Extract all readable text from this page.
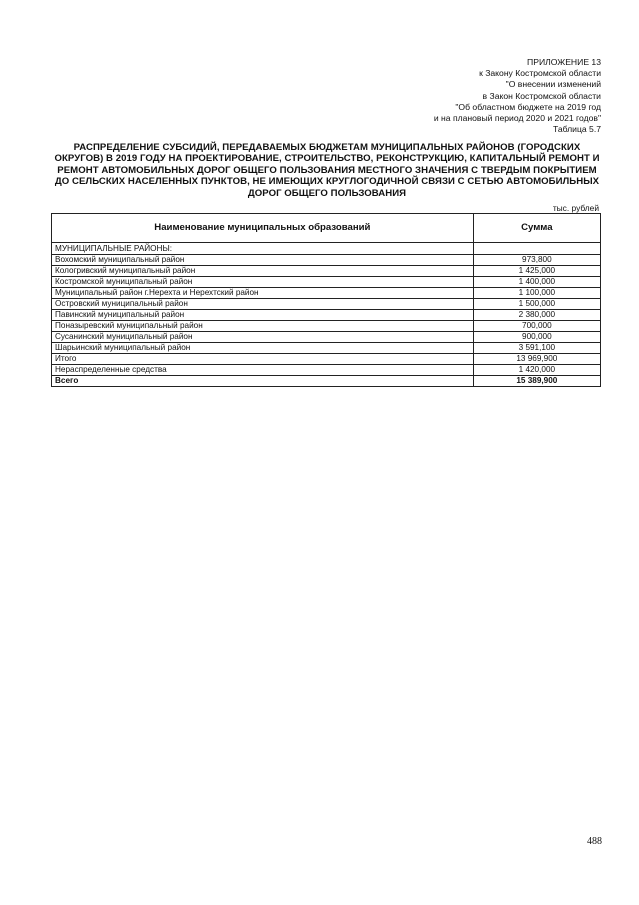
ПРИЛОЖЕНИЕ 13
к Закону Костромской области
"О внесении изменений
в Закон Костромской области
"Об областном бюджете на 2019 год
и на плановый период 2020 и 2021 годов"
Таблица 5.7
РАСПРЕДЕЛЕНИЕ СУБСИДИЙ, ПЕРЕДАВАЕМЫХ БЮДЖЕТАМ МУНИЦИПАЛЬНЫХ РАЙОНОВ (ГОРОДСКИХ
ОКРУГОВ) В 2019 ГОДУ НА ПРОЕКТИРОВАНИЕ, СТРОИТЕЛЬСТВО, РЕКОНСТРУКЦИЮ, КАПИТАЛЬНЫЙ РЕМОНТ И
РЕМОНТ АВТОМОБИЛЬНЫХ ДОРОГ ОБЩЕГО ПОЛЬЗОВАНИЯ МЕСТНОГО ЗНАЧЕНИЯ С ТВЕРДЫМ ПОКРЫТИЕМ
ДО СЕЛЬСКИХ НАСЕЛЕННЫХ ПУНКТОВ, НЕ ИМЕЮЩИХ КРУГЛОГОДИЧНОЙ СВЯЗИ С СЕТЬЮ АВТОМОБИЛЬНЫХ
ДОРОГ ОБЩЕГО ПОЛЬЗОВАНИЯ
тыс. рублей
Наименование муниципальных образований	Сумма
МУНИЦИПАЛЬНЫЕ РАЙОНЫ:	
Вохомский муниципальный район	973,800
Кологривский муниципальный район	1 425,000
Костромской муниципальный район	1 400,000
Муниципальный район г.Нерехта и Нерехтский район	1 100,000
Островский муниципальный район	1 500,000
Павинский муниципальный район	2 380,000
Поназыревский муниципальный район	700,000
Сусанинский муниципальный район	900,000
Шарьинский муниципальный район	3 591,100
Итого	13 969,900
Нераспределенные средства	1 420,000
Всего	15 389,900
488
